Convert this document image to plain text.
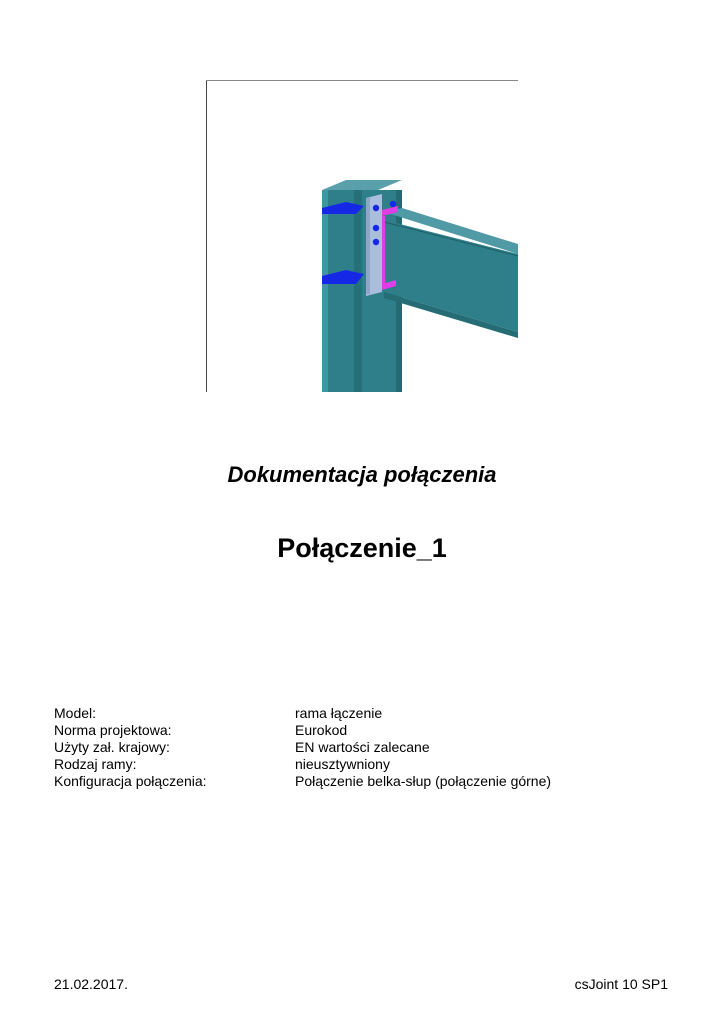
Dokumentacja połączenia
Połączenie_1
Model:	rama łączenie
Norma projektowa:	Eurokod
Użyty zał. krajowy:	EN wartości zalecane
Rodzaj ramy:	nieusztywniony
Konfiguracja połączenia:	Połączenie belka-słup (połączenie górne)
21.02.2017.	csJoint 10 SP1
